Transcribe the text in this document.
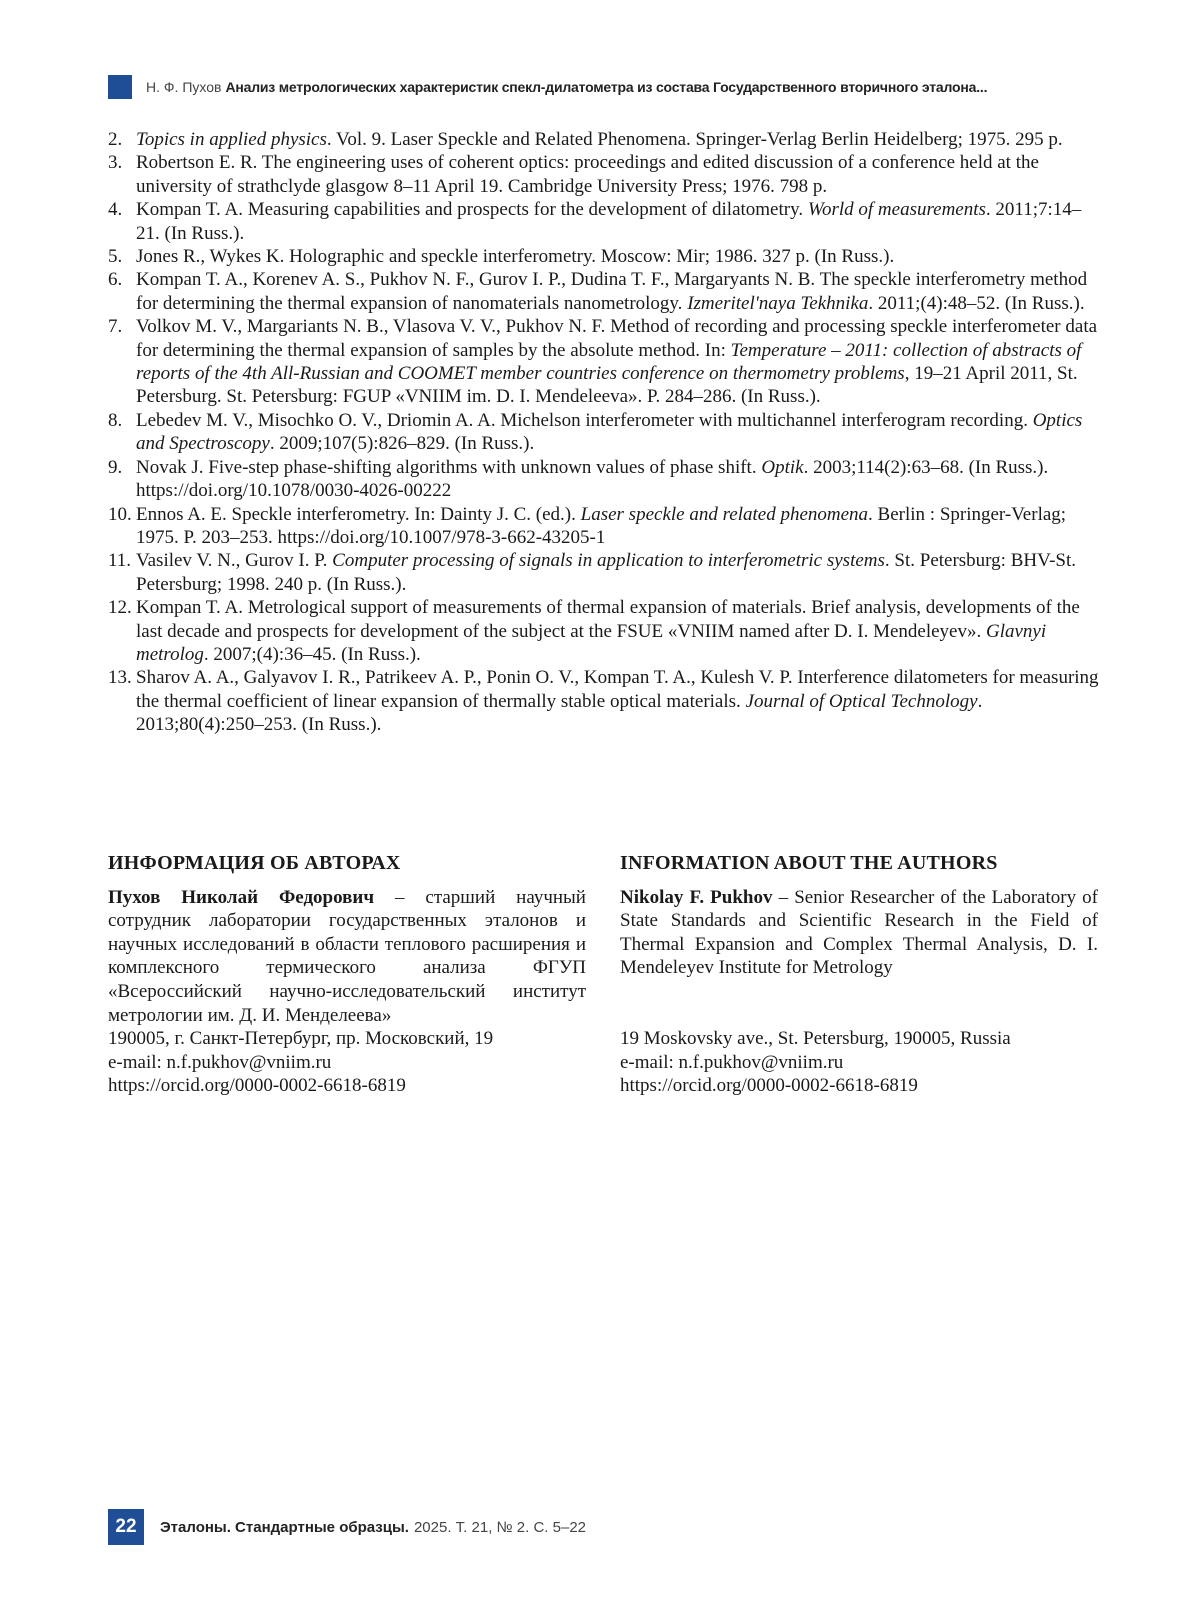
Н. Ф. Пухов Анализ метрологических характеристик спекл-дилатометра из состава Государственного вторичного эталона...
2. Topics in applied physics. Vol. 9. Laser Speckle and Related Phenomena. Springer-Verlag Berlin Heidelberg; 1975. 295 p.
3. Robertson E. R. The engineering uses of coherent optics: proceedings and edited discussion of a conference held at the university of strathclyde glasgow 8–11 April 19. Cambridge University Press; 1976. 798 p.
4. Kompan T. A. Measuring capabilities and prospects for the development of dilatometry. World of measurements. 2011;7:14–21. (In Russ.).
5. Jones R., Wykes K. Holographic and speckle interferometry. Moscow: Mir; 1986. 327 p. (In Russ.).
6. Kompan T. A., Korenev A. S., Pukhov N. F., Gurov I. P., Dudina T. F., Margaryants N. B. The speckle interferometry method for determining the thermal expansion of nanomaterials nanometrology. Izmeritel'naya Tekhnika. 2011;(4):48–52. (In Russ.).
7. Volkov M. V., Margariants N. B., Vlasova V. V., Pukhov N. F. Method of recording and processing speckle interferometer data for determining the thermal expansion of samples by the absolute method. In: Temperature – 2011: collection of abstracts of reports of the 4th All-Russian and COOMET member countries conference on thermometry problems, 19–21 April 2011, St. Petersburg. St. Petersburg: FGUP «VNIIM im. D. I. Mendeleeva». P. 284–286. (In Russ.).
8. Lebedev M. V., Misochko O. V., Driomin A. A. Michelson interferometer with multichannel interferogram recording. Optics and Spectroscopy. 2009;107(5):826–829. (In Russ.).
9. Novak J. Five-step phase-shifting algorithms with unknown values of phase shift. Optik. 2003;114(2):63–68. (In Russ.). https://doi.org/10.1078/0030-4026-00222
10. Ennos A. E. Speckle interferometry. In: Dainty J. C. (ed.). Laser speckle and related phenomena. Berlin : Springer-Verlag; 1975. P. 203–253. https://doi.org/10.1007/978-3-662-43205-1
11. Vasilev V. N., Gurov I. P. Computer processing of signals in application to interferometric systems. St. Petersburg: BHV-St. Petersburg; 1998. 240 p. (In Russ.).
12. Kompan T. A. Metrological support of measurements of thermal expansion of materials. Brief analysis, developments of the last decade and prospects for development of the subject at the FSUE «VNIIM named after D. I. Mendeleyev». Glavnyi metrolog. 2007;(4):36–45. (In Russ.).
13. Sharov A. A., Galyavov I. R., Patrikeev A. P., Ponin O. V., Kompan T. A., Kulesh V. P. Interference dilatometers for measuring the thermal coefficient of linear expansion of thermally stable optical materials. Journal of Optical Technology. 2013;80(4):250–253. (In Russ.).
ИНФОРМАЦИЯ ОБ АВТОРАХ
Пухов Николай Федорович – старший научный сотрудник лаборатории государственных эталонов и научных исследований в области теплового расширения и комплексного термического анализа ФГУП «Всероссийский научно-исследовательский институт метрологии им. Д. И. Менделеева»
190005, г. Санкт-Петербург, пр. Московский, 19
e-mail: n.f.pukhov@vniim.ru
https://orcid.org/0000-0002-6618-6819
INFORMATION ABOUT THE AUTHORS
Nikolay F. Pukhov – Senior Researcher of the Laboratory of State Standards and Scientific Research in the Field of Thermal Expansion and Complex Thermal Analysis, D. I. Mendeleyev Institute for Metrology
19 Moskovsky ave., St. Petersburg, 190005, Russia
e-mail: n.f.pukhov@vniim.ru
https://orcid.org/0000-0002-6618-6819
22	Эталоны. Стандартные образцы. 2025. Т. 21, № 2. С. 5–22
